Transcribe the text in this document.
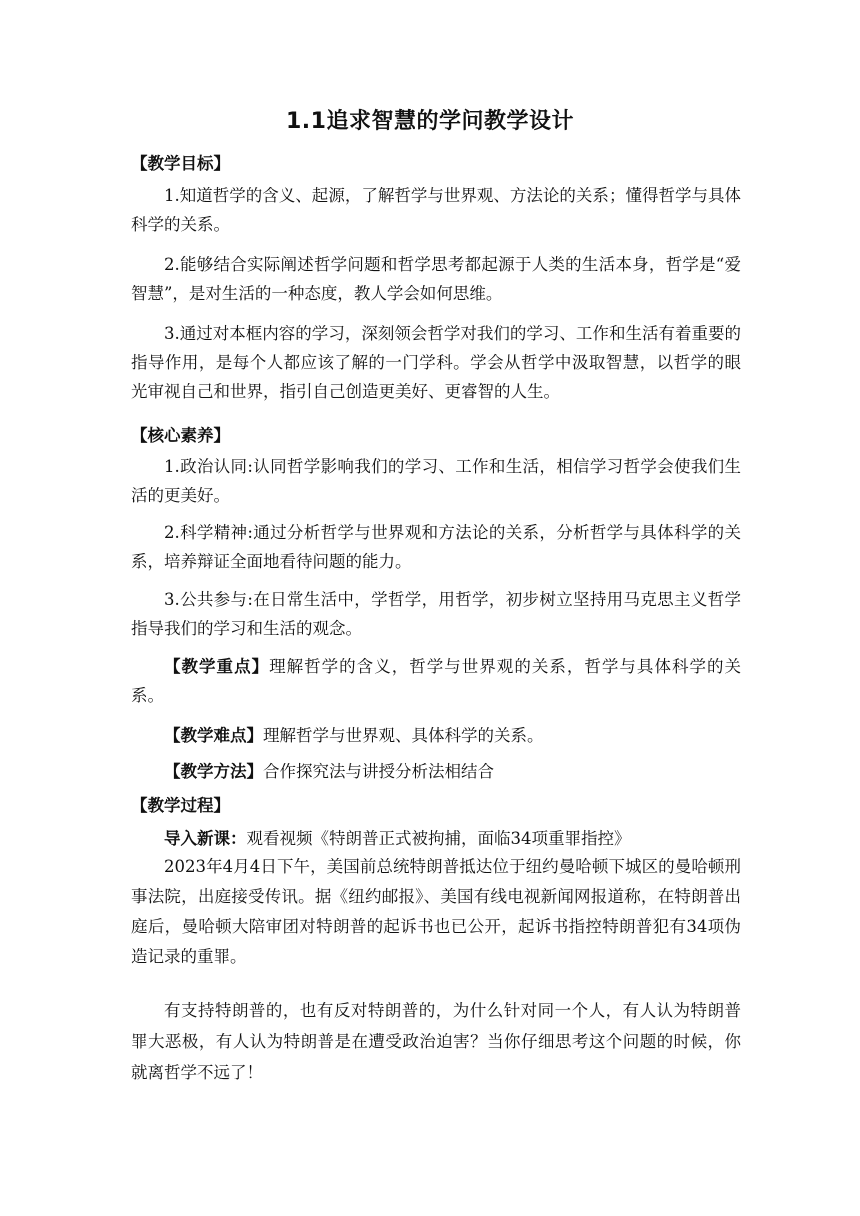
1.1追求智慧的学问教学设计
【教学目标】
1.知道哲学的含义、起源，了解哲学与世界观、方法论的关系；懂得哲学与具体科学的关系。
2.能够结合实际阐述哲学问题和哲学思考都起源于人类的生活本身，哲学是“爱智慧”，是对生活的一种态度，教人学会如何思维。
3.通过对本框内容的学习，深刻领会哲学对我们的学习、工作和生活有着重要的指导作用，是每个人都应该了解的一门学科。学会从哲学中汲取智慧，以哲学的眼光审视自己和世界，指引自己创造更美好、更睿智的人生。
【核心素养】
1.政治认同:认同哲学影响我们的学习、工作和生活，相信学习哲学会使我们生活的更美好。
2.科学精神:通过分析哲学与世界观和方法论的关系，分析哲学与具体科学的关系，培养辩证全面地看待问题的能力。
3.公共参与:在日常生活中，学哲学，用哲学，初步树立坚持用马克思主义哲学指导我们的学习和生活的观念。
【教学重点】理解哲学的含义，哲学与世界观的关系，哲学与具体科学的关系。
【教学难点】理解哲学与世界观、具体科学的关系。
【教学方法】合作探究法与讲授分析法相结合
【教学过程】
导入新课：观看视频《特朗普正式被拘捕，面临34项重罪指控》
2023年4月4日下午，美国前总统特朗普抵达位于纽约曼哈顿下城区的曼哈顿刑事法院，出庭接受传讯。据《纽约邮报》、美国有线电视新闻网报道称，在特朗普出庭后，曼哈顿大陪审团对特朗普的起诉书也已公开，起诉书指控特朗普犯有34项伪造记录的重罪。
有支持特朗普的，也有反对特朗普的，为什么针对同一个人，有人认为特朗普罪大恶极，有人认为特朗普是在遭受政治迫害？当你仔细思考这个问题的时候，你就离哲学不远了！
